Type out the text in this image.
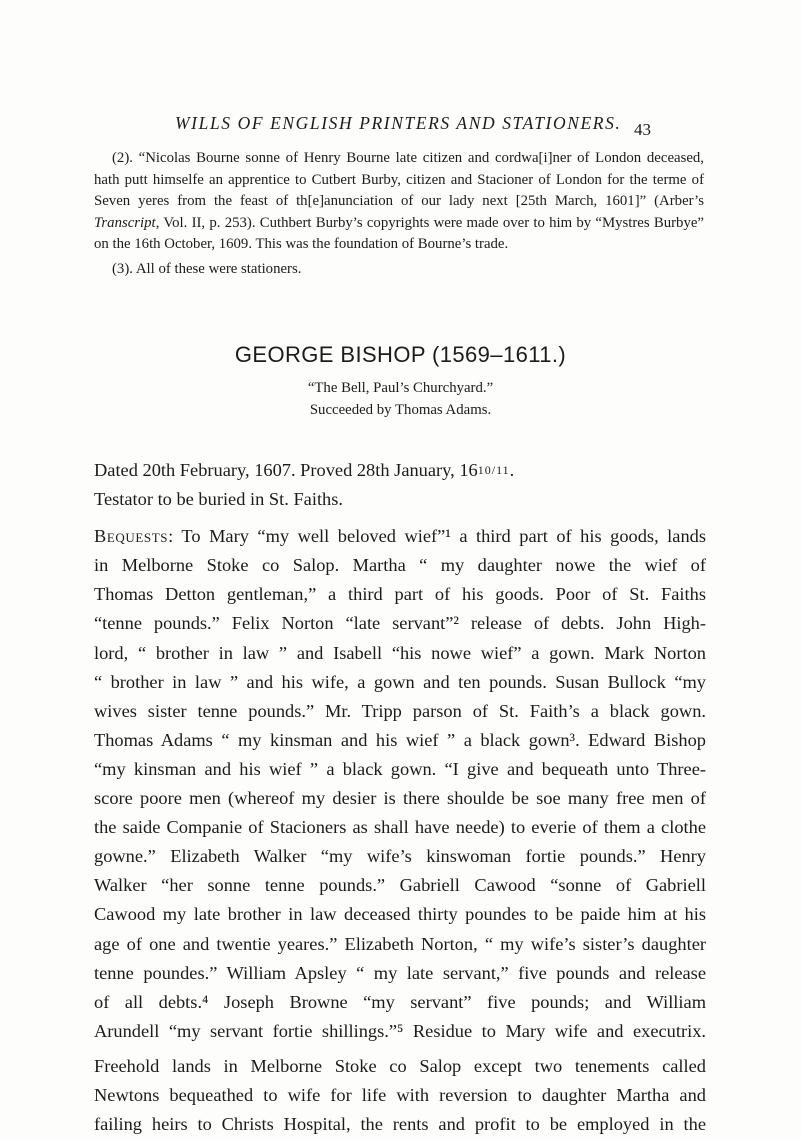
WILLS OF ENGLISH PRINTERS AND STATIONERS. 43

(2). “Nicolas Bourne sonne of Henry Bourne late citizen and cordwa[i]ner of London deceased, hath putt himselfe an apprentice to Cutbert Burby, citizen and Stacioner of London for the terme of Seven yeres from the feast of th[e]anunciation of our lady next [25th March, 1601]” (Arber’s Transcript, Vol. II, p. 253). Cuthbert Burby’s copyrights were made over to him by “Mystres Burbye” on the 16th October, 1609. This was the foundation of Bourne’s trade.

(3). All of these were stationers.

GEORGE BISHOP (1569–1611.)
“The Bell, Paul’s Churchyard.”
Succeeded by Thomas Adams.

Dated 20th February, 1607. Proved 28th January, 1610/11.

Testator to be buried in St. Faiths.

Bequests: To Mary “my well beloved wief”¹ a third part of his goods, lands
in Melborne Stoke co Salop. Martha “ my daughter nowe the wief of
Thomas Detton gentleman,” a third part of his goods. Poor of St. Faiths
“tenne pounds.” Felix Norton “late servant”² release of debts. John High-
lord, “ brother in law ” and Isabell “his nowe wief” a gown. Mark Norton
“ brother in law ” and his wife, a gown and ten pounds. Susan Bullock “my
wives sister tenne pounds.” Mr. Tripp parson of St. Faith’s a black gown.
Thomas Adams “ my kinsman and his wief ” a black gown³. Edward Bishop
“my kinsman and his wief ” a black gown. “I give and bequeath unto Three-
score poore men (whereof my desier is there shoulde be soe many free men of
the saide Companie of Stacioners as shall have neede) to everie of them a clothe
gowne.” Elizabeth Walker “my wife’s kinswoman fortie pounds.” Henry
Walker “her sonne tenne pounds.” Gabriell Cawood “sonne of Gabriell
Cawood my late brother in law deceased thirty poundes to be paide him at his
age of one and twentie yeares.” Elizabeth Norton, “ my wife’s sister’s daughter
tenne poundes.” William Apsley “ my late servant,” five pounds and release
of all debts.⁴ Joseph Browne “my servant” five pounds; and William
Arundell “my servant fortie shillings.”⁵ Residue to Mary wife and executrix.

Freehold lands in Melborne Stoke co Salop except two tenements called
Newtons bequeathed to wife for life with reversion to daughter Martha and
failing heirs to Christs Hospital, the rents and profit to be employed in the
